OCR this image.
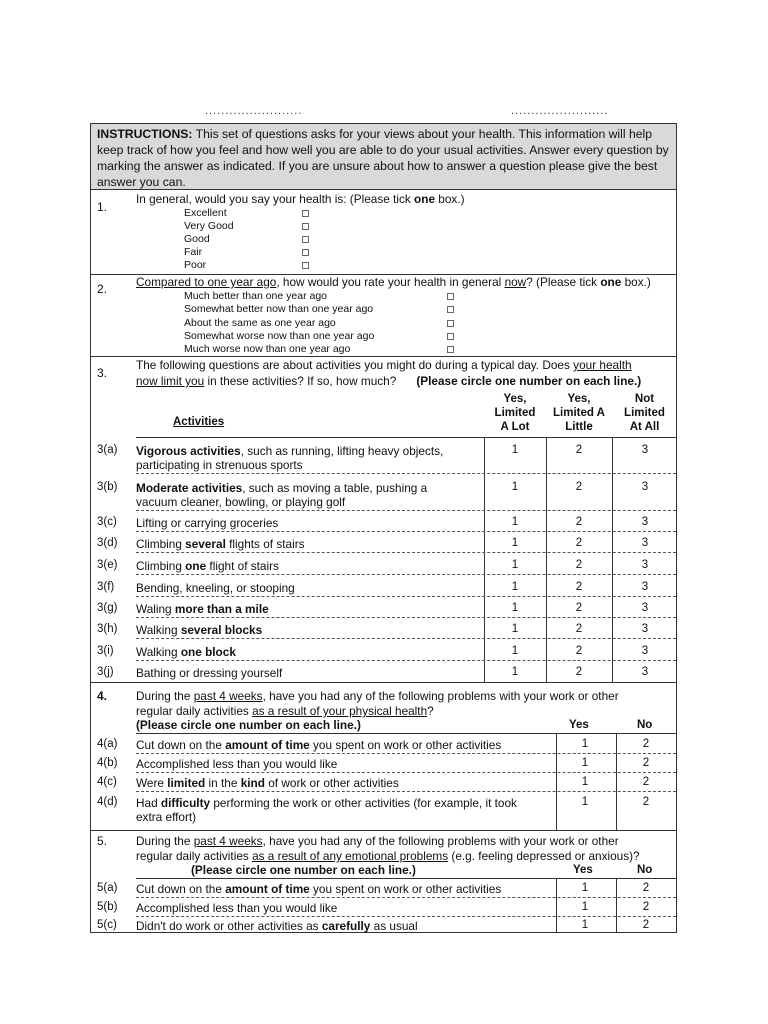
........................	........................
INSTRUCTIONS: This set of questions asks for your views about your health. This information will help keep track of how you feel and how well you are able to do your usual activities. Answer every question by marking the answer as indicated. If you are unsure about how to answer a question please give the best answer you can.
1.
In general, would you say your health is: (Please tick one box.)
Excellent
Very Good
Good
Fair
Poor
2. Compared to one year ago, how would you rate your health in general now? (Please tick one box.)
Much better than one year ago
Somewhat better now than one year ago
About the same as one year ago
Somewhat worse now than one year ago
Much worse now than one year ago
3.
The following questions are about activities you might do during a typical day. Does your health
now limit you in these activities? If so, how much? (Please circle one number on each line.)
Activities
Yes,
Limited
A Lot
Yes,
Limited A
Little
Not
Limited
At All
3(a) Vigorous activities, such as running, lifting heavy objects,
participating in strenuous sports
1	2	3
3(b) Moderate activities, such as moving a table, pushing a
vacuum cleaner, bowling, or playing golf
1	2	3
3(c) Lifting or carrying groceries	1	2	3
3(d) Climbing several flights of stairs	1	2	3
3(e) Climbing one flight of stairs	1	2	3
3(f) Bending, kneeling, or stooping	1	2	3
3(g) Waling more than a mile	1	2	3
3(h) Walking several blocks	1	2	3
3(i) Walking one block	1	2	3
3(j) Bathing or dressing yourself	1	2	3
4. During the past 4 weeks, have you had any of the following problems with your work or other
regular daily activities as a result of your physical health?
(Please circle one number on each line.)	Yes	No
4(a) Cut down on the amount of time you spent on work or other activities	1	2
4(b) Accomplished less than you would like	1	2
4(c) Were limited in the kind of work or other activities	1	2
4(d) Had difficulty performing the work or other activities (for example, it took
extra effort)
1	2
5. During the past 4 weeks, have you had any of the following problems with your work or other
regular daily activities as a result of any emotional problems (e.g. feeling depressed or anxious)?
(Please circle one number on each line.)	Yes	No
5(a) Cut down on the amount of time you spent on work or other activities	1	2
5(b) Accomplished less than you would like	1	2
5(c) Didn't do work or other activities as carefully as usual	1	2
